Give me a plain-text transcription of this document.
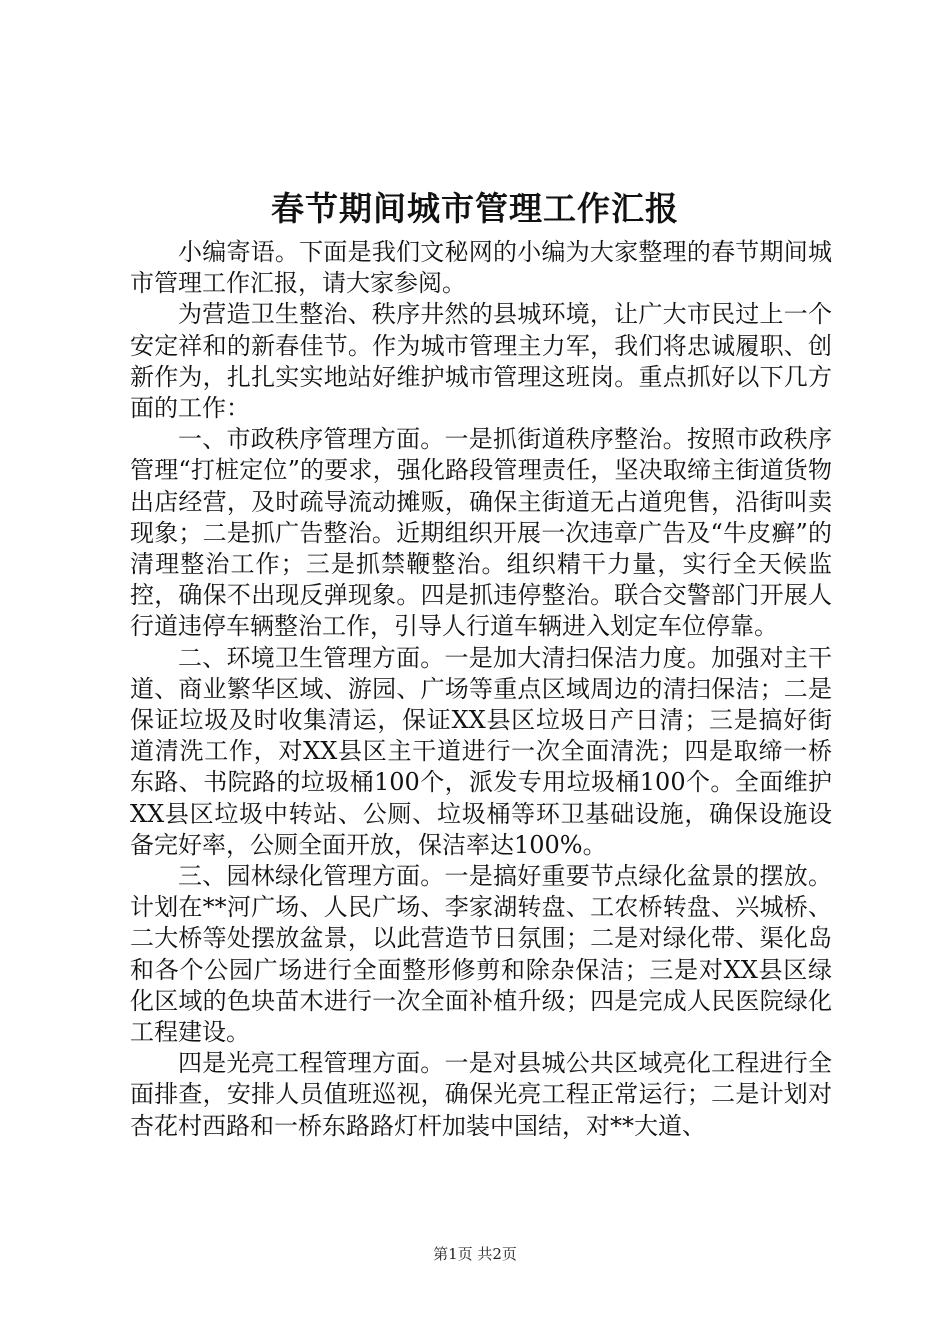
春节期间城市管理工作汇报

小编寄语。下面是我们文秘网的小编为大家整理的春节期间城市管理工作汇报，请大家参阅。

为营造卫生整治、秩序井然的县城环境，让广大市民过上一个安定祥和的新春佳节。作为城市管理主力军，我们将忠诚履职、创新作为，扎扎实实地站好维护城市管理这班岗。重点抓好以下几方面的工作：

一、市政秩序管理方面。一是抓街道秩序整治。按照市政秩序管理“打桩定位”的要求，强化路段管理责任，坚决取缔主街道货物出店经营，及时疏导流动摊贩，确保主街道无占道兜售，沿街叫卖现象；二是抓广告整治。近期组织开展一次违章广告及“牛皮癣”的清理整治工作；三是抓禁鞭整治。组织精干力量，实行全天候监控，确保不出现反弹现象。四是抓违停整治。联合交警部门开展人行道违停车辆整治工作，引导人行道车辆进入划定车位停靠。

二、环境卫生管理方面。一是加大清扫保洁力度。加强对主干道、商业繁华区域、游园、广场等重点区域周边的清扫保洁；二是保证垃圾及时收集清运，保证XX县区垃圾日产日清；三是搞好街道清洗工作，对XX县区主干道进行一次全面清洗；四是取缔一桥东路、书院路的垃圾桶100个，派发专用垃圾桶100个。全面维护XX县区垃圾中转站、公厕、垃圾桶等环卫基础设施，确保设施设备完好率，公厕全面开放，保洁率达100%。

三、园林绿化管理方面。一是搞好重要节点绿化盆景的摆放。计划在**河广场、人民广场、李家湖转盘、工农桥转盘、兴城桥、二大桥等处摆放盆景，以此营造节日氛围；二是对绿化带、渠化岛和各个公园广场进行全面整形修剪和除杂保洁；三是对XX县区绿化区域的色块苗木进行一次全面补植升级；四是完成人民医院绿化工程建设。

四是光亮工程管理方面。一是对县城公共区域亮化工程进行全面排查，安排人员值班巡视，确保光亮工程正常运行；二是计划对杏花村西路和一桥东路路灯杆加装中国结，对**大道、

第1页 共2页
